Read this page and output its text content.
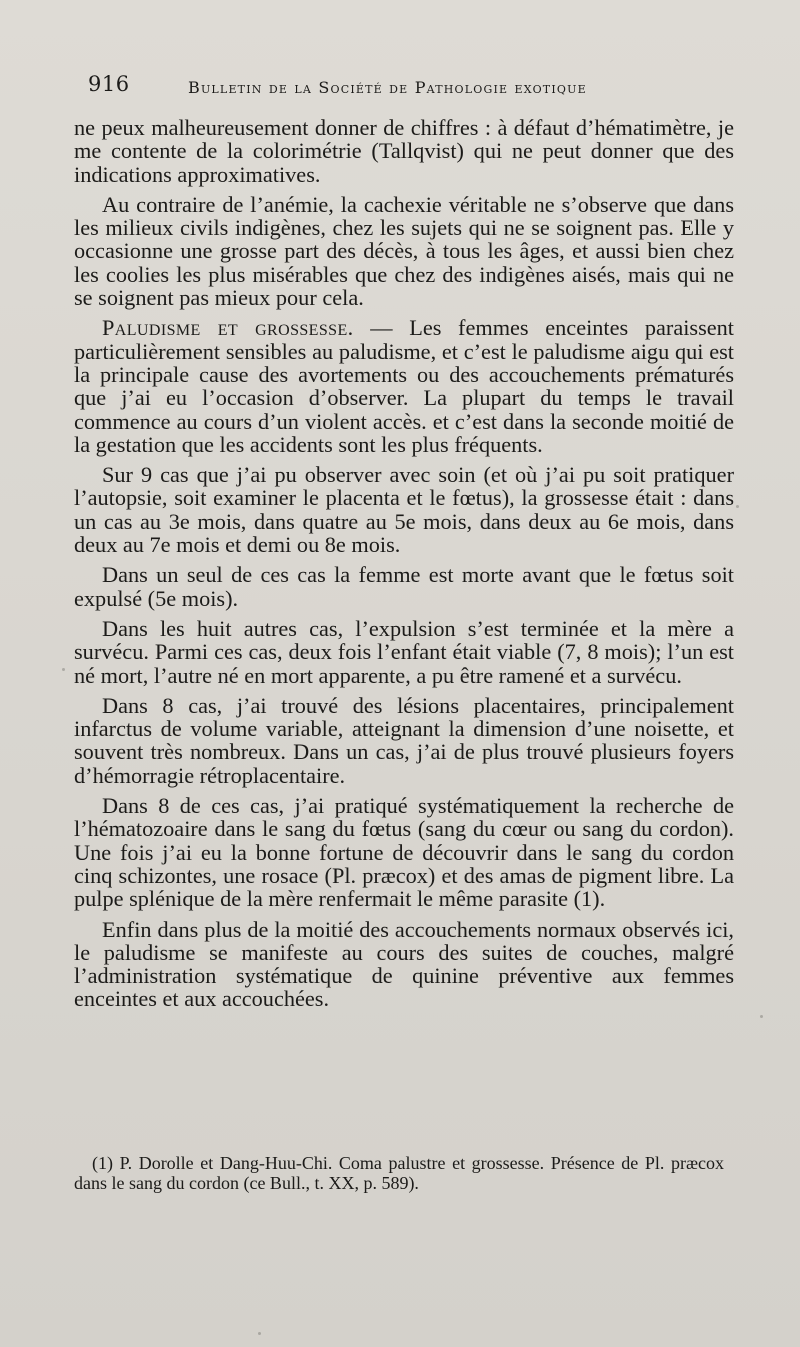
916	Bulletin de la Société de Pathologie exotique

ne peux malheureusement donner de chiffres : à défaut d’hématimètre, je me contente de la colorimétrie (Tallqvist) qui ne peut donner que des indications approximatives.

Au contraire de l’anémie, la cachexie véritable ne s’observe que dans les milieux civils indigènes, chez les sujets qui ne se soignent pas. Elle y occasionne une grosse part des décès, à tous les âges, et aussi bien chez les coolies les plus misérables que chez des indigènes aisés, mais qui ne se soignent pas mieux pour cela.

Paludisme et grossesse. — Les femmes enceintes paraissent particulièrement sensibles au paludisme, et c’est le paludisme aigu qui est la principale cause des avortements ou des accouchements prématurés que j’ai eu l’occasion d’observer. La plupart du temps le travail commence au cours d’un violent accès. et c’est dans la seconde moitié de la gestation que les accidents sont les plus fréquents.

Sur 9 cas que j’ai pu observer avec soin (et où j’ai pu soit pratiquer l’autopsie, soit examiner le placenta et le fœtus), la grossesse était : dans un cas au 3e mois, dans quatre au 5e mois, dans deux au 6e mois, dans deux au 7e mois et demi ou 8e mois.

Dans un seul de ces cas la femme est morte avant que le fœtus soit expulsé (5e mois).

Dans les huit autres cas, l’expulsion s’est terminée et la mère a survécu. Parmi ces cas, deux fois l’enfant était viable (7, 8 mois); l’un est né mort, l’autre né en mort apparente, a pu être ramené et a survécu.

Dans 8 cas, j’ai trouvé des lésions placentaires, principalement infarctus de volume variable, atteignant la dimension d’une noisette, et souvent très nombreux. Dans un cas, j’ai de plus trouvé plusieurs foyers d’hémorragie rétroplacentaire.

Dans 8 de ces cas, j’ai pratiqué systématiquement la recherche de l’hématozoaire dans le sang du fœtus (sang du cœur ou sang du cordon). Une fois j’ai eu la bonne fortune de découvrir dans le sang du cordon cinq schizontes, une rosace (Pl. præcox) et des amas de pigment libre. La pulpe splénique de la mère renfermait le même parasite (1).

Enfin dans plus de la moitié des accouchements normaux observés ici, le paludisme se manifeste au cours des suites de couches, malgré l’administration systématique de quinine préventive aux femmes enceintes et aux accouchées.

(1) P. Dorolle et Dang-Huu-Chi. Coma palustre et grossesse. Présence de Pl. præcox dans le sang du cordon (ce Bull., t. XX, p. 589).
